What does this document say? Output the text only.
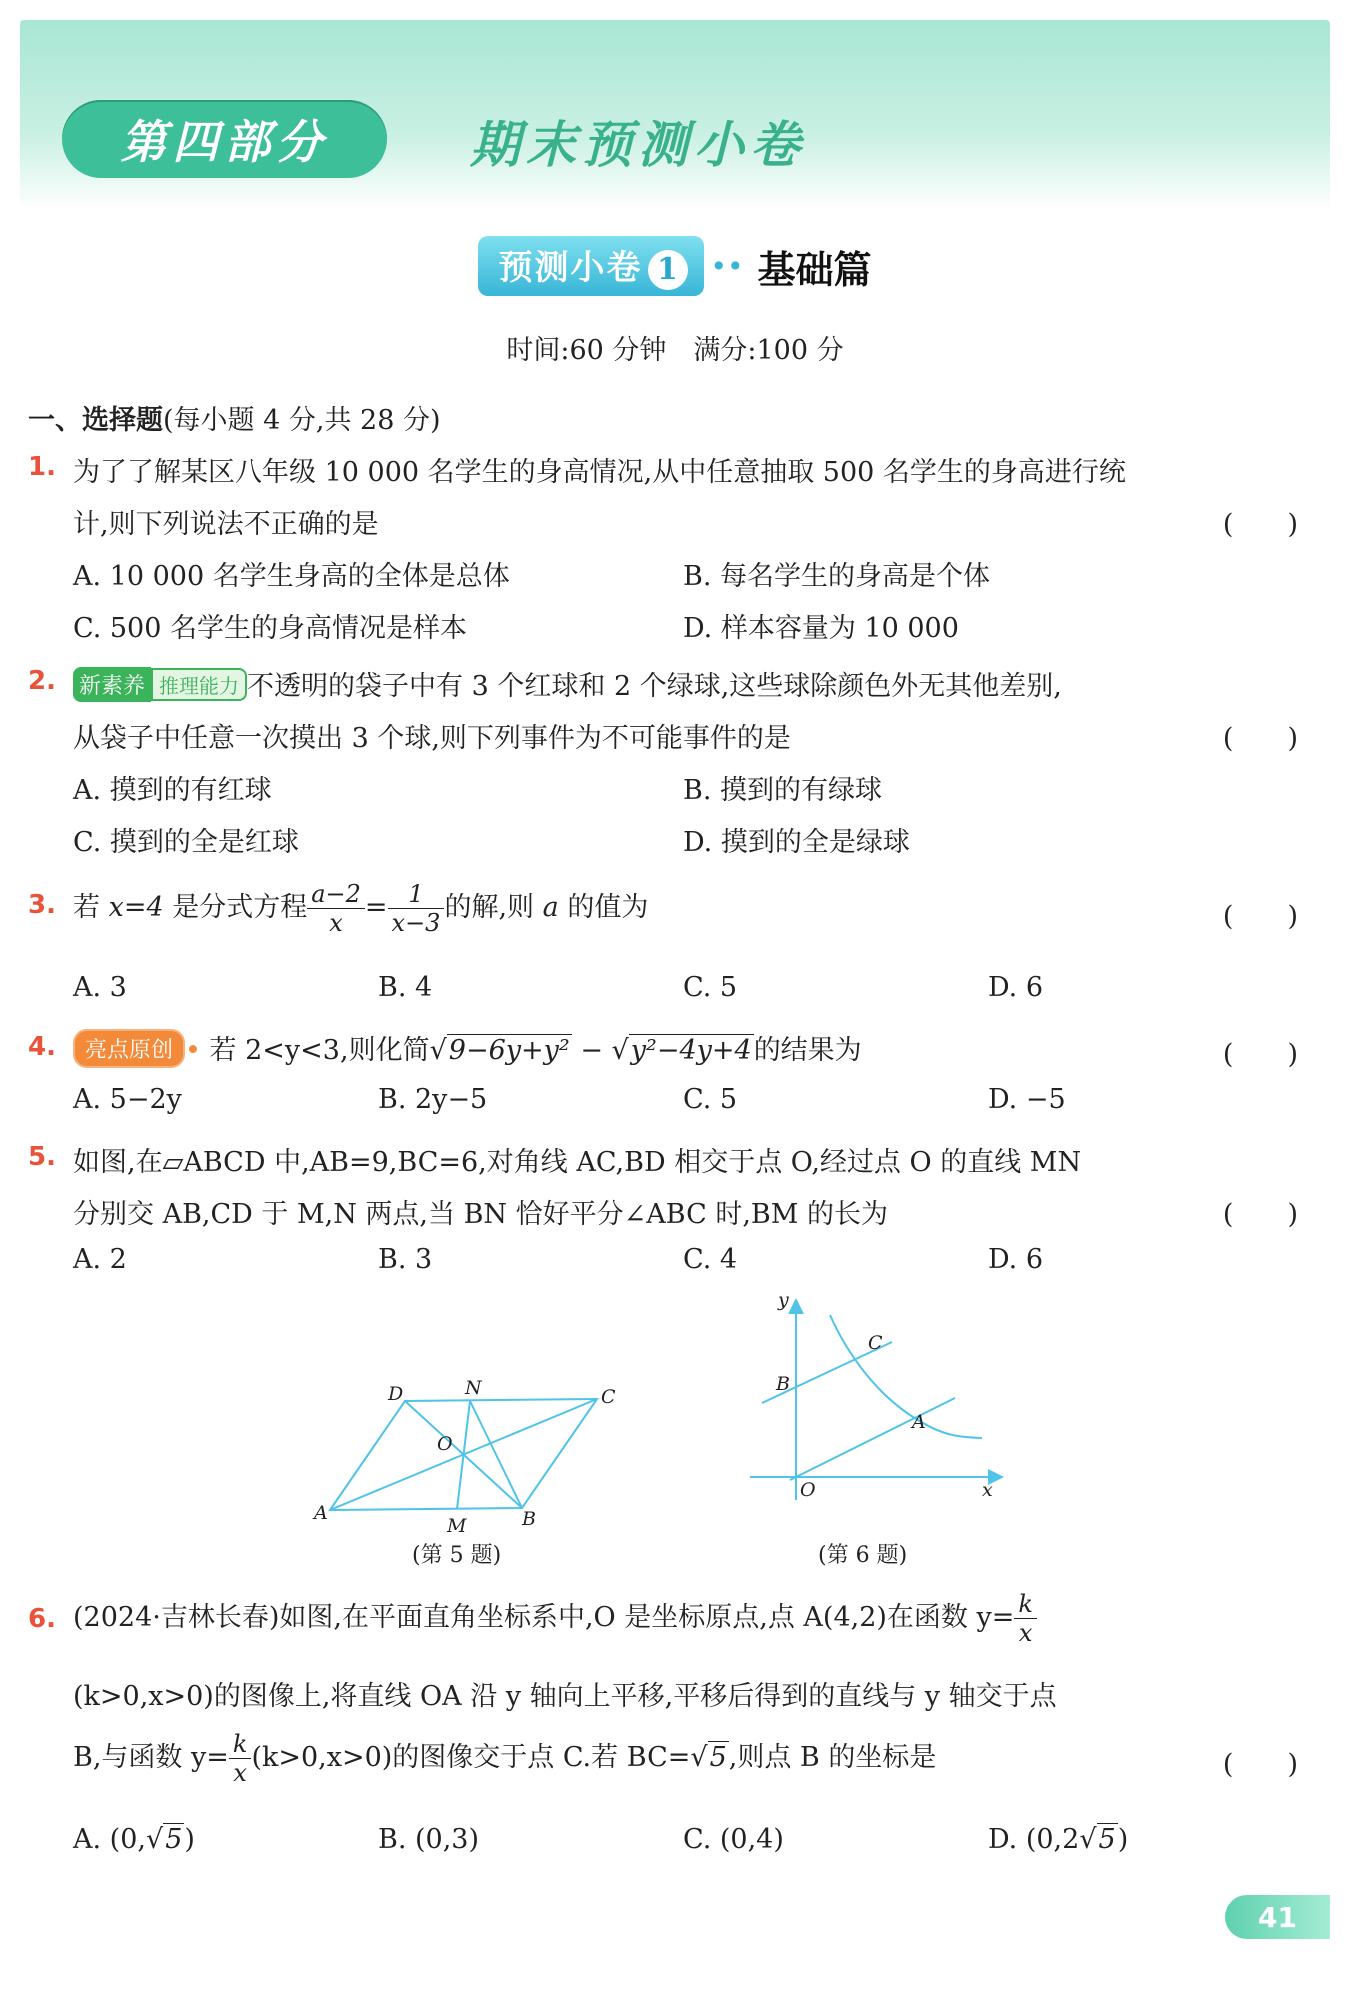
第四部分	期末预测小卷
预测小卷 1 •• 基础篇
时间:60 分钟　满分:100 分
一、选择题(每小题 4 分,共 28 分)
1. 为了了解某区八年级 10 000 名学生的身高情况,从中任意抽取 500 名学生的身高进行统
计,则下列说法不正确的是	(　　)
A. 10 000 名学生身高的全体是总体	B. 每名学生的身高是个体
C. 500 名学生的身高情况是样本	D. 样本容量为 10 000
2. 新素养 推理能力 不透明的袋子中有 3 个红球和 2 个绿球,这些球除颜色外无其他差别,
从袋子中任意一次摸出 3 个球,则下列事件为不可能事件的是	(　　)
A. 摸到的有红球	B. 摸到的有绿球
C. 摸到的全是红球	D. 摸到的全是绿球
3. 若 x=4 是分式方程 $\frac{a-2}{x} = \frac{1}{x-3}$ 的解,则 a 的值为	(　　)
A. 3	B. 4	C. 5	D. 6
4.	亮点原创 • 若 2<y<3,则化简√9−6y+y² − √y²−4y+4的结果为	(　　)
A. 5−2y	B. 2y−5	C. 5	D. −5
5. 如图,在▱ABCD 中,AB=9,BC=6,对角线 AC,BD 相交于点 O,经过点 O 的直线 MN
分别交 AB,CD 于 M,N 两点,当 BN 恰好平分∠ABC 时,BM 的长为	(　　)
A. 2	B. 3	C. 4	D. 6
A	B
C
D
M
N
O
(第 5 题)
x
y
O
A
B
C
(第 6 题)
6. (2024·吉林长春)如图,在平面直角坐标系中,O 是坐标原点,点 A(4,2)在函数 $y= \frac{k}{x}$
(k>0,x>0)的图像上,将直线 OA 沿 y 轴向上平移,平移后得到的直线与 y 轴交于点
B,与函数 $y= \frac{k}{x} (k>0,x>0)$的图像交于点 C.若 BC=√5,则点 B 的坐标是	(　　)
A. (0,√5)	B. (0,3)	C. (0,4)	D. (0,2√5)
41
